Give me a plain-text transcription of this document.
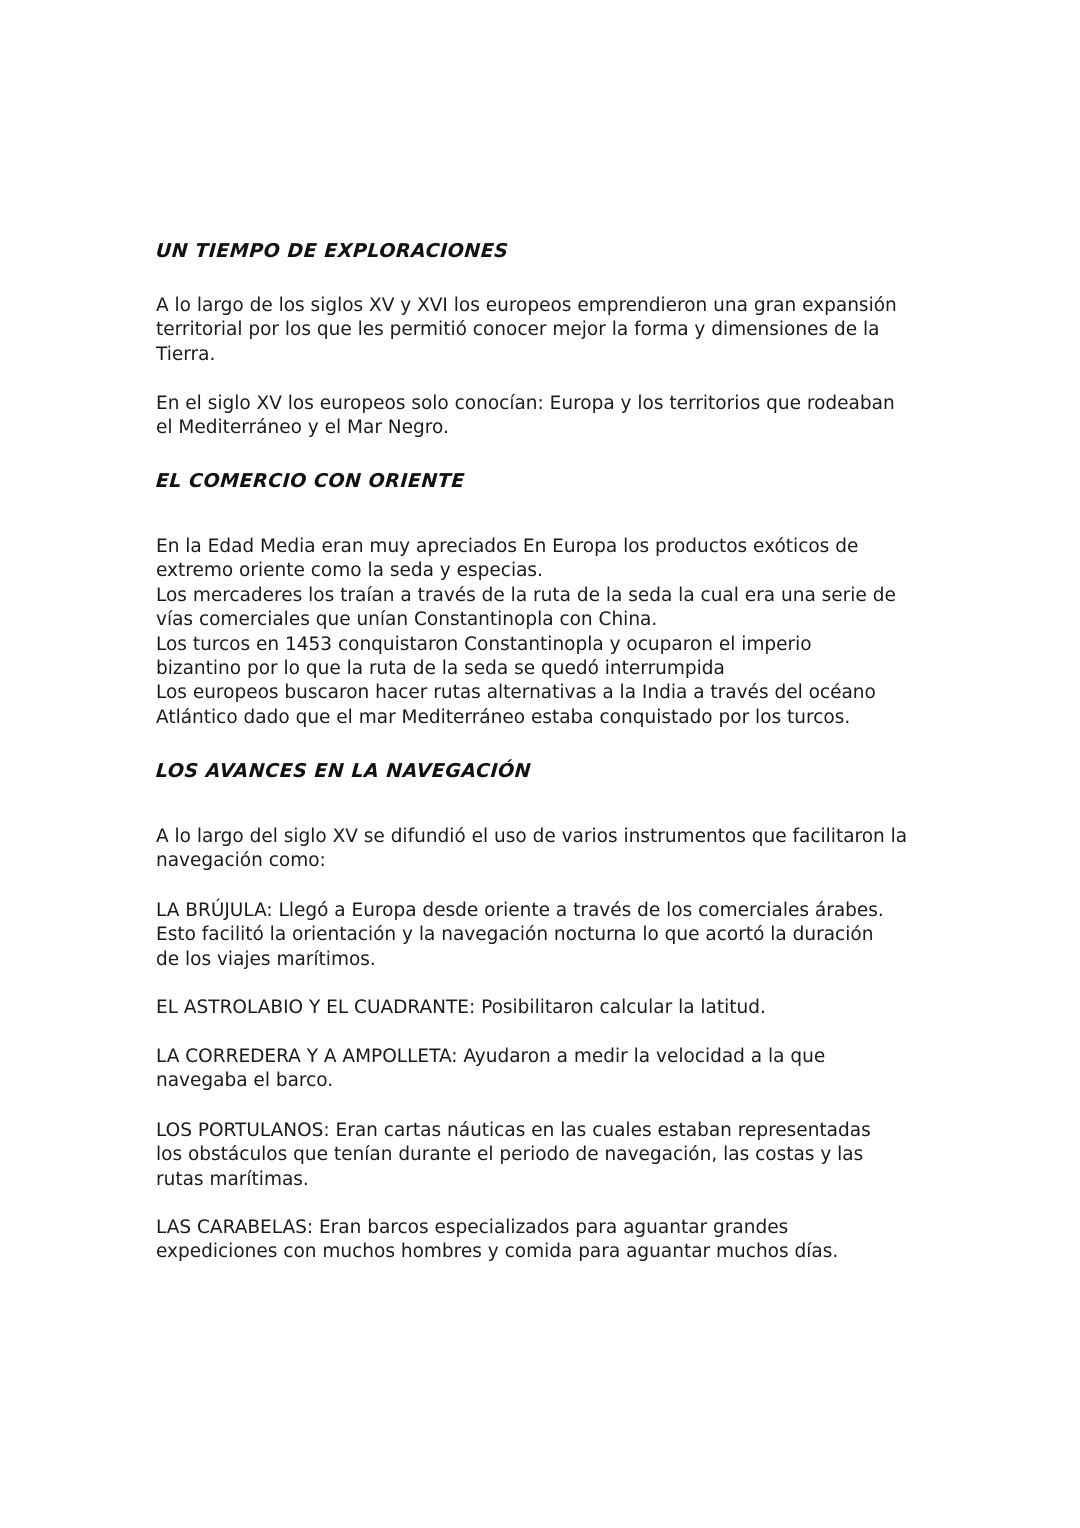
UN TIEMPO DE EXPLORACIONES

A lo largo de los siglos XV y XVI los europeos emprendieron una gran expansión
territorial por los que les permitió conocer mejor la forma y dimensiones de la
Tierra.

En el siglo XV los europeos solo conocían: Europa y los territorios que rodeaban
el Mediterráneo y el Mar Negro.

EL COMERCIO CON ORIENTE

En la Edad Media eran muy apreciados En Europa los productos exóticos de
extremo oriente como la seda y especias.
Los mercaderes los traían a través de la ruta de la seda la cual era una serie de
vías comerciales que unían Constantinopla con China.
Los turcos en 1453 conquistaron Constantinopla y ocuparon el imperio
bizantino por lo que la ruta de la seda se quedó interrumpida
Los europeos buscaron hacer rutas alternativas a la India a través del océano
Atlántico dado que el mar Mediterráneo estaba conquistado por los turcos.

LOS AVANCES EN LA NAVEGACIÓN

A lo largo del siglo XV se difundió el uso de varios instrumentos que facilitaron la
navegación como:

LA BRÚJULA: Llegó a Europa desde oriente a través de los comerciales árabes.
Esto facilitó la orientación y la navegación nocturna lo que acortó la duración
de los viajes marítimos.

EL ASTROLABIO Y EL CUADRANTE: Posibilitaron calcular la latitud.

LA CORREDERA Y A AMPOLLETA: Ayudaron a medir la velocidad a la que
navegaba el barco.

LOS PORTULANOS: Eran cartas náuticas en las cuales estaban representadas
los obstáculos que tenían durante el periodo de navegación, las costas y las
rutas marítimas.

LAS CARABELAS: Eran barcos especializados para aguantar grandes
expediciones con muchos hombres y comida para aguantar muchos días.
